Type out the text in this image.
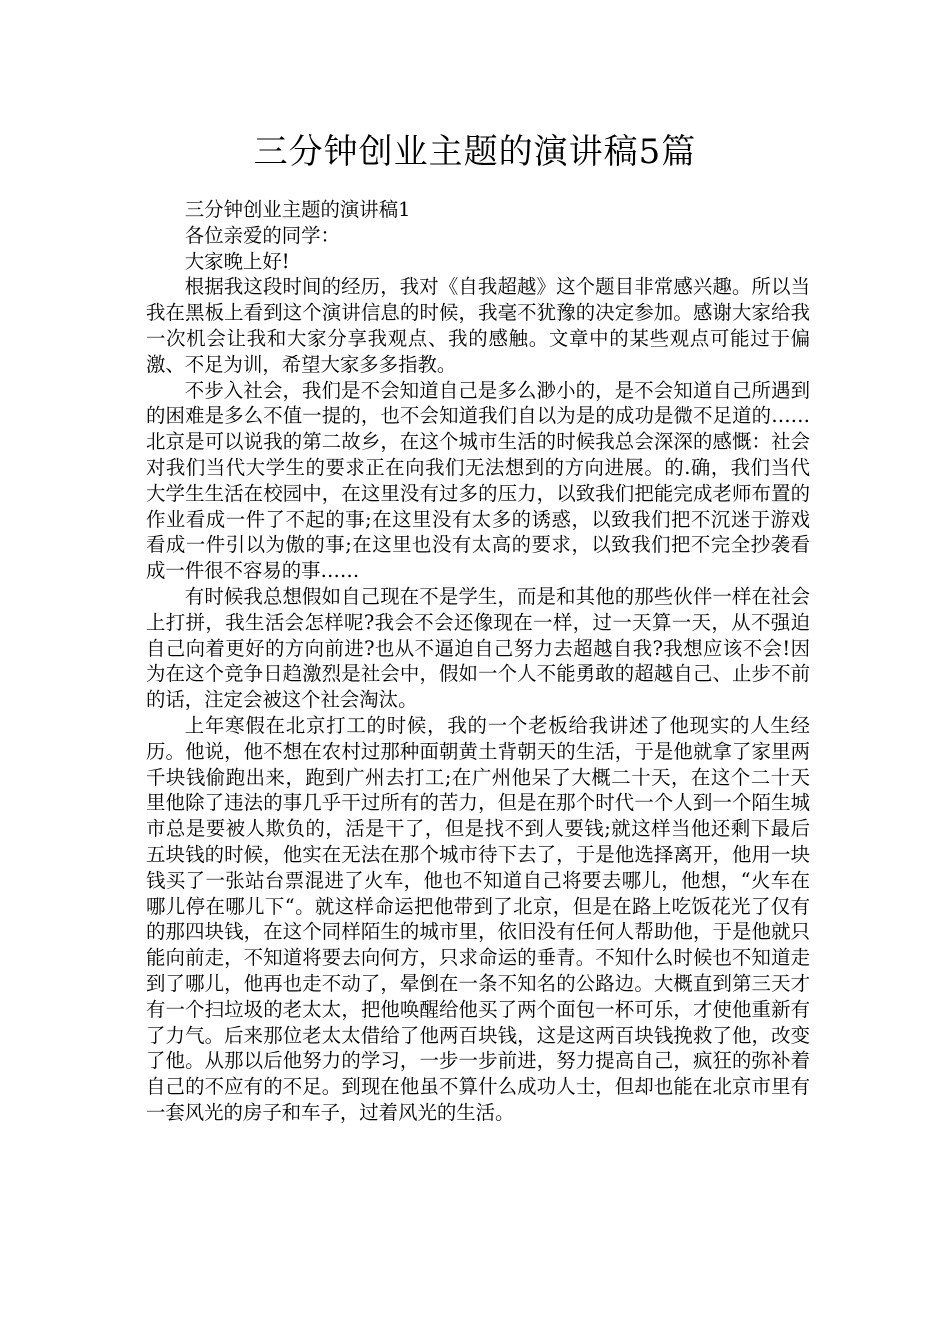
三分钟创业主题的演讲稿5篇

三分钟创业主题的演讲稿1

各位亲爱的同学：

大家晚上好!

根据我这段时间的经历，我对《自我超越》这个题目非常感兴趣。所以当我在黑板上看到这个演讲信息的时候，我毫不犹豫的决定参加。感谢大家给我一次机会让我和大家分享我观点、我的感触。文章中的某些观点可能过于偏激、不足为训，希望大家多多指教。

不步入社会，我们是不会知道自己是多么渺小的，是不会知道自己所遇到的困难是多么不值一提的，也不会知道我们自以为是的成功是微不足道的……北京是可以说我的第二故乡，在这个城市生活的时候我总会深深的感慨：社会对我们当代大学生的要求正在向我们无法想到的方向进展。的.确，我们当代大学生生活在校园中，在这里没有过多的压力，以致我们把能完成老师布置的作业看成一件了不起的事;在这里没有太多的诱惑，以致我们把不沉迷于游戏看成一件引以为傲的事;在这里也没有太高的要求，以致我们把不完全抄袭看成一件很不容易的事……

有时候我总想假如自己现在不是学生，而是和其他的那些伙伴一样在社会上打拼，我生活会怎样呢?我会不会还像现在一样，过一天算一天，从不强迫自己向着更好的方向前进?也从不逼迫自己努力去超越自我?我想应该不会!因为在这个竞争日趋激烈是社会中，假如一个人不能勇敢的超越自己、止步不前的话，注定会被这个社会淘汰。

上年寒假在北京打工的时候，我的一个老板给我讲述了他现实的人生经历。他说，他不想在农村过那种面朝黄土背朝天的生活，于是他就拿了家里两千块钱偷跑出来，跑到广州去打工;在广州他呆了大概二十天，在这个二十天里他除了违法的事几乎干过所有的苦力，但是在那个时代一个人到一个陌生城市总是要被人欺负的，活是干了，但是找不到人要钱;就这样当他还剩下最后五块钱的时候，他实在无法在那个城市待下去了，于是他选择离开，他用一块钱买了一张站台票混进了火车，他也不知道自己将要去哪儿，他想，“火车在哪儿停在哪儿下“。就这样命运把他带到了北京，但是在路上吃饭花光了仅有的那四块钱，在这个同样陌生的城市里，依旧没有任何人帮助他，于是他就只能向前走，不知道将要去向何方，只求命运的垂青。不知什么时候也不知道走到了哪儿，他再也走不动了，晕倒在一条不知名的公路边。大概直到第三天才有一个扫垃圾的老太太，把他唤醒给他买了两个面包一杯可乐，才使他重新有了力气。后来那位老太太借给了他两百块钱，这是这两百块钱挽救了他，改变了他。从那以后他努力的学习，一步一步前进，努力提高自己，疯狂的弥补着自己的不应有的不足。到现在他虽不算什么成功人士，但却也能在北京市里有一套风光的房子和车子，过着风光的生活。
